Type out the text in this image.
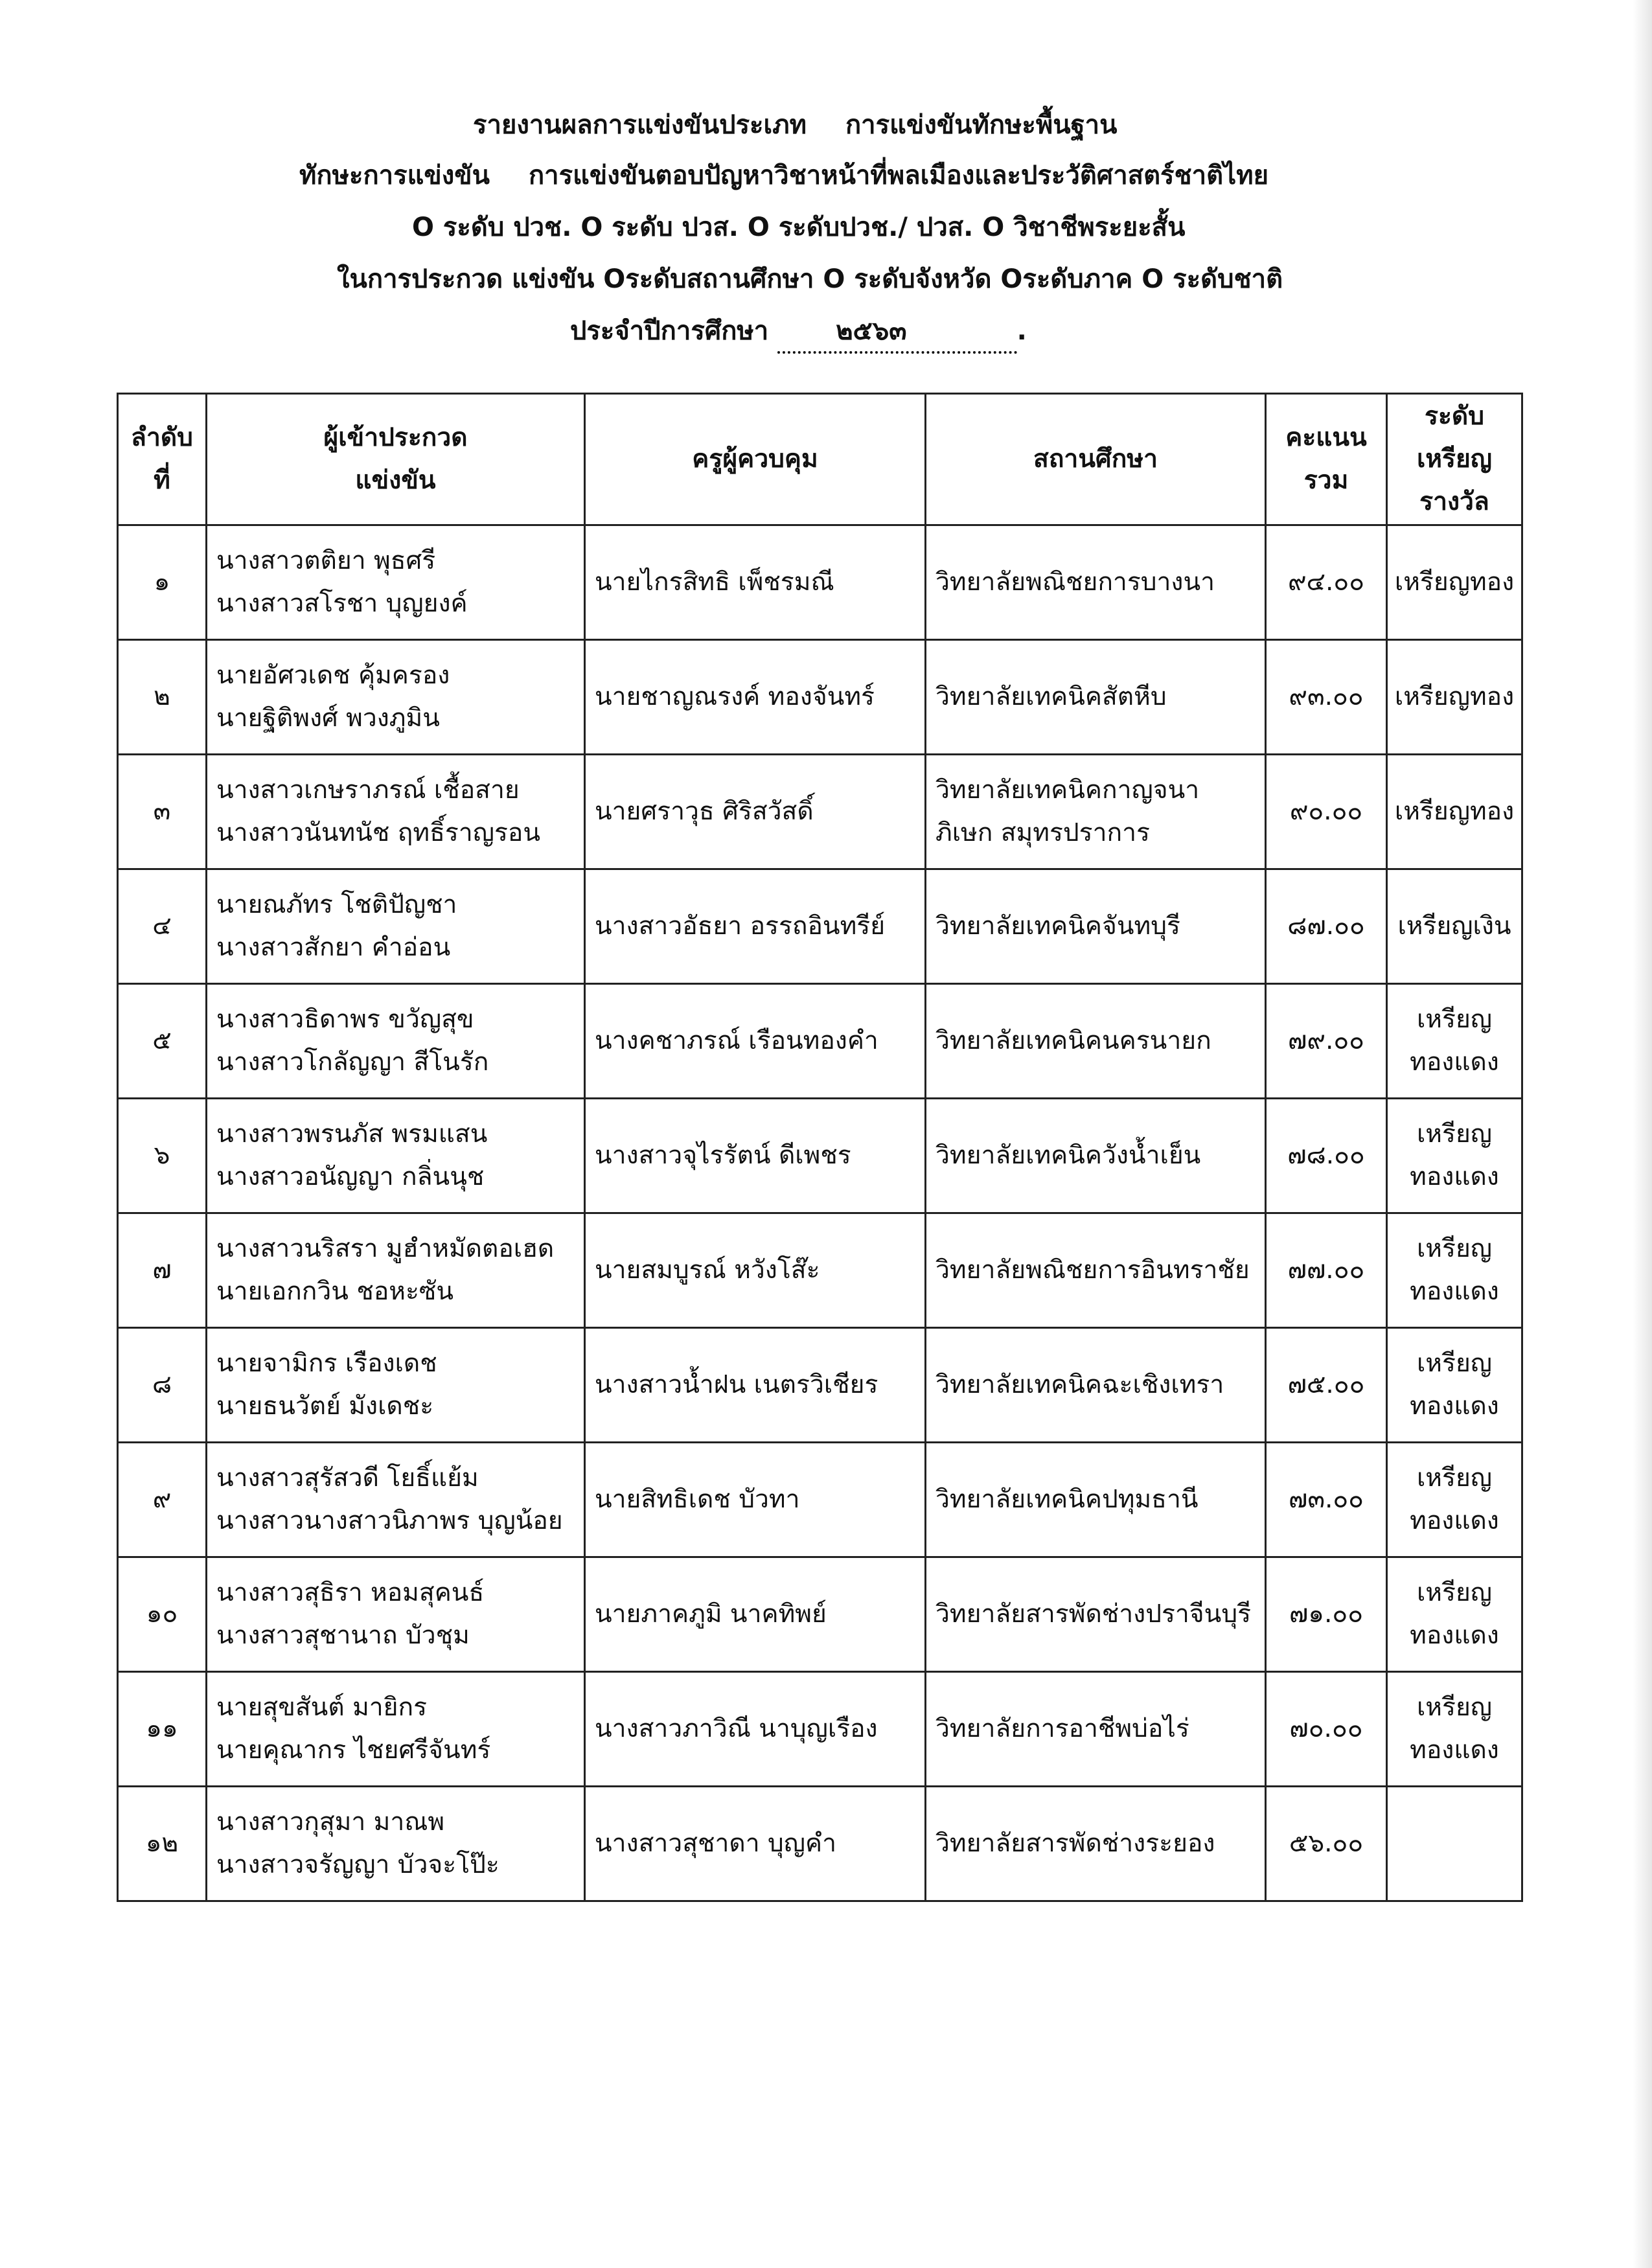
รายงานผลการแข่งขันประเภท การแข่งขันทักษะพื้นฐาน
ทักษะการแข่งขัน การแข่งขันตอบปัญหาวิชาหน้าที่พลเมืองและประวัติศาสตร์ชาติไทย
O ระดับ ปวช. O ระดับ ปวส. O ระดับปวช./ ปวส. O วิชาชีพระยะสั้น
ในการประกวด แข่งขัน Oระดับสถานศึกษา O ระดับจังหวัด Oระดับภาค O ระดับชาติ
ประจำปีการศึกษา	๒๕๖๓	.
ลำดับ
ที่	ผู้เข้าประกวด
แข่งขัน	ครูผู้ควบคุม	สถานศึกษา	คะแนน
รวม	ระดับ
เหรียญรางวัล

๑	นางสาวตติยา พุธศรี
นางสาวสโรชา บุญยงค์	นายไกรสิทธิ เพ็ชรมณี	วิทยาลัยพณิชยการบางนา	๙๔.๐๐	เหรียญทอง

๒	นายอัศวเดช คุ้มครอง
นายฐิติพงศ์ พวงภูมิน	นายชาญณรงค์ ทองจันทร์	วิทยาลัยเทคนิคสัตหีบ	๙๓.๐๐	เหรียญทอง

๓	นางสาวเกษราภรณ์ เชื้อสาย
นางสาวนันทนัช ฤทธิ์ราญรอน	นายศราวุธ ศิริสวัสดิ์	วิทยาลัยเทคนิคกาญจนา
ภิเษก สมุทรปราการ	๙๐.๐๐	เหรียญทอง

๔	นายณภัทร โชติปัญชา
นางสาวสักยา คำอ่อน	นางสาวอัธยา อรรถอินทรีย์	วิทยาลัยเทคนิคจันทบุรี	๘๗.๐๐	เหรียญเงิน

๕	นางสาวธิดาพร ขวัญสุข
นางสาวโกลัญญา สีโนรัก	นางคชาภรณ์ เรือนทองคำ	วิทยาลัยเทคนิคนครนายก	๗๙.๐๐	เหรียญ
ทองแดง

๖	นางสาวพรนภัส พรมแสน
นางสาวอนัญญา กลิ่นนุช	นางสาวจุไรรัตน์ ดีเพชร	วิทยาลัยเทคนิควังน้ำเย็น	๗๘.๐๐	เหรียญ
ทองแดง

๗	นางสาวนริสรา มูฮำหมัดตอเฮด
นายเอกกวิน ชอหะซัน	นายสมบูรณ์ หวังโส๊ะ	วิทยาลัยพณิชยการอินทราชัย	๗๗.๐๐	เหรียญ
ทองแดง

๘	นายจามิกร เรืองเดช
นายธนวัตย์ มังเดชะ	นางสาวน้ำฝน เนตรวิเชียร	วิทยาลัยเทคนิคฉะเชิงเทรา	๗๕.๐๐	เหรียญ
ทองแดง

๙	นางสาวสุรัสวดี โยธิ์แย้ม
นางสาวนางสาวนิภาพร บุญน้อย	นายสิทธิเดช บัวทา	วิทยาลัยเทคนิคปทุมธานี	๗๓.๐๐	เหรียญ
ทองแดง

๑๐	นางสาวสุธิรา หอมสุคนธ์
นางสาวสุชานาถ บัวชุม	นายภาคภูมิ นาคทิพย์	วิทยาลัยสารพัดช่างปราจีนบุรี	๗๑.๐๐	เหรียญ
ทองแดง

๑๑	นายสุขสันต์ มายิกร
นายคุณากร ไชยศรีจันทร์	นางสาวภาวิณี นาบุญเรือง	วิทยาลัยการอาชีพบ่อไร่	๗๐.๐๐	เหรียญ
ทองแดง

๑๒	นางสาวกุสุมา มาณพ
นางสาวจรัญญา บัวจะโป๊ะ	นางสาวสุชาดา บุญคำ	วิทยาลัยสารพัดช่างระยอง	๕๖.๐๐	
